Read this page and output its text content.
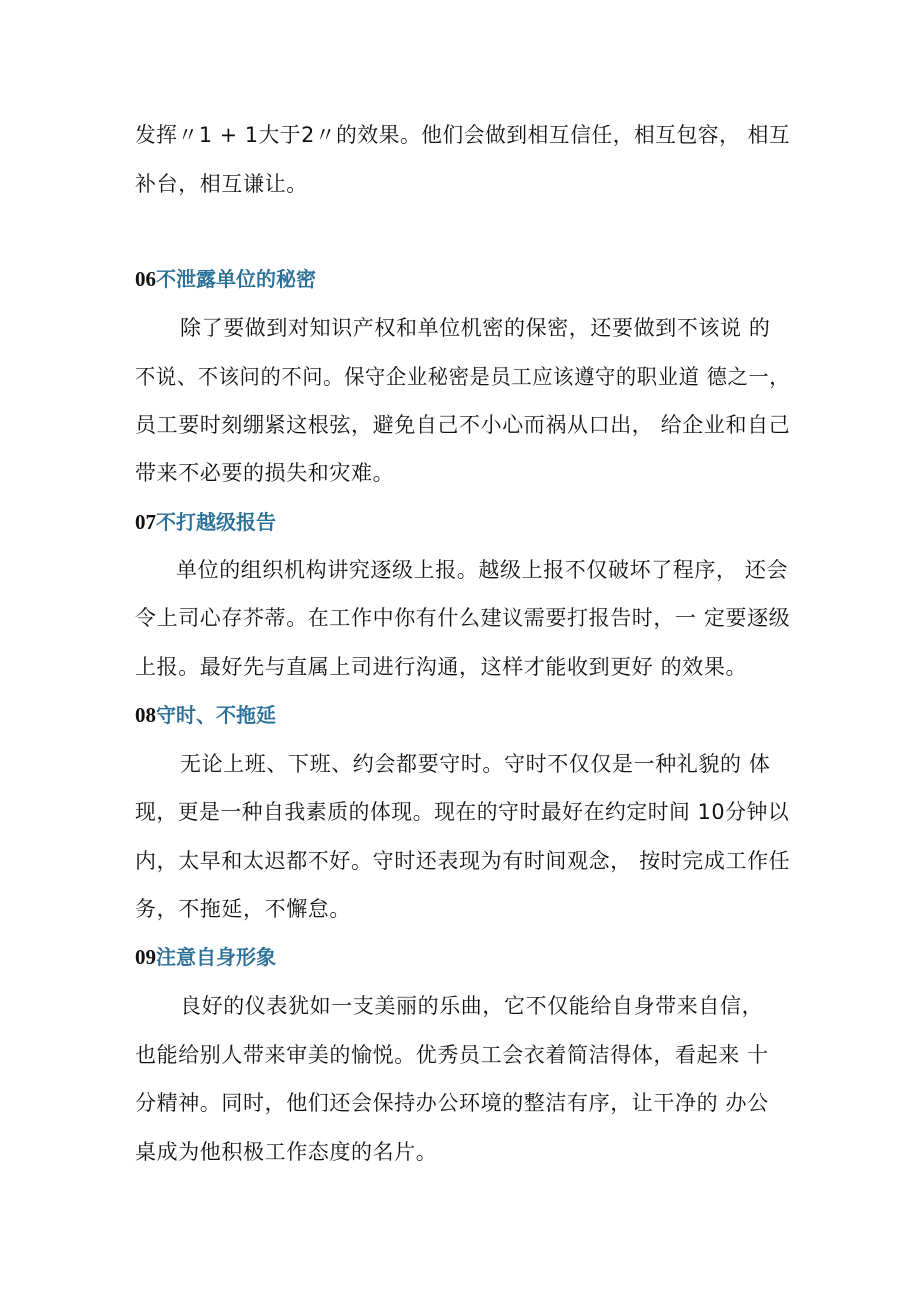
发挥〃1 + 1大于2〃的效果。他们会做到相互信任，相互包容， 相互
补台，相互谦让。
06不泄露单位的秘密
除了要做到对知识产权和单位机密的保密，还要做到不该说 的
不说、不该问的不问。保守企业秘密是员工应该遵守的职业道 德之一，
员工要时刻绷紧这根弦，避免自己不小心而祸从口出， 给企业和自己
带来不必要的损失和灾难。
07不打越级报告
单位的组织机构讲究逐级上报。越级上报不仅破坏了程序， 还会
令上司心存芥蒂。在工作中你有什么建议需要打报告时，一 定要逐级
上报。最好先与直属上司进行沟通，这样才能收到更好 的效果。
08守时、不拖延
无论上班、下班、约会都要守时。守时不仅仅是一种礼貌的 体
现，更是一种自我素质的体现。现在的守时最好在约定时间 10分钟以
内，太早和太迟都不好。守时还表现为有时间观念， 按时完成工作任
务，不拖延，不懈怠。
09注意自身形象
良好的仪表犹如一支美丽的乐曲，它不仅能给自身带来自信，
也能给别人带来审美的愉悦。优秀员工会衣着简洁得体，看起来 十
分精神。同时，他们还会保持办公环境的整洁有序，让干净的 办公
桌成为他积极工作态度的名片。
